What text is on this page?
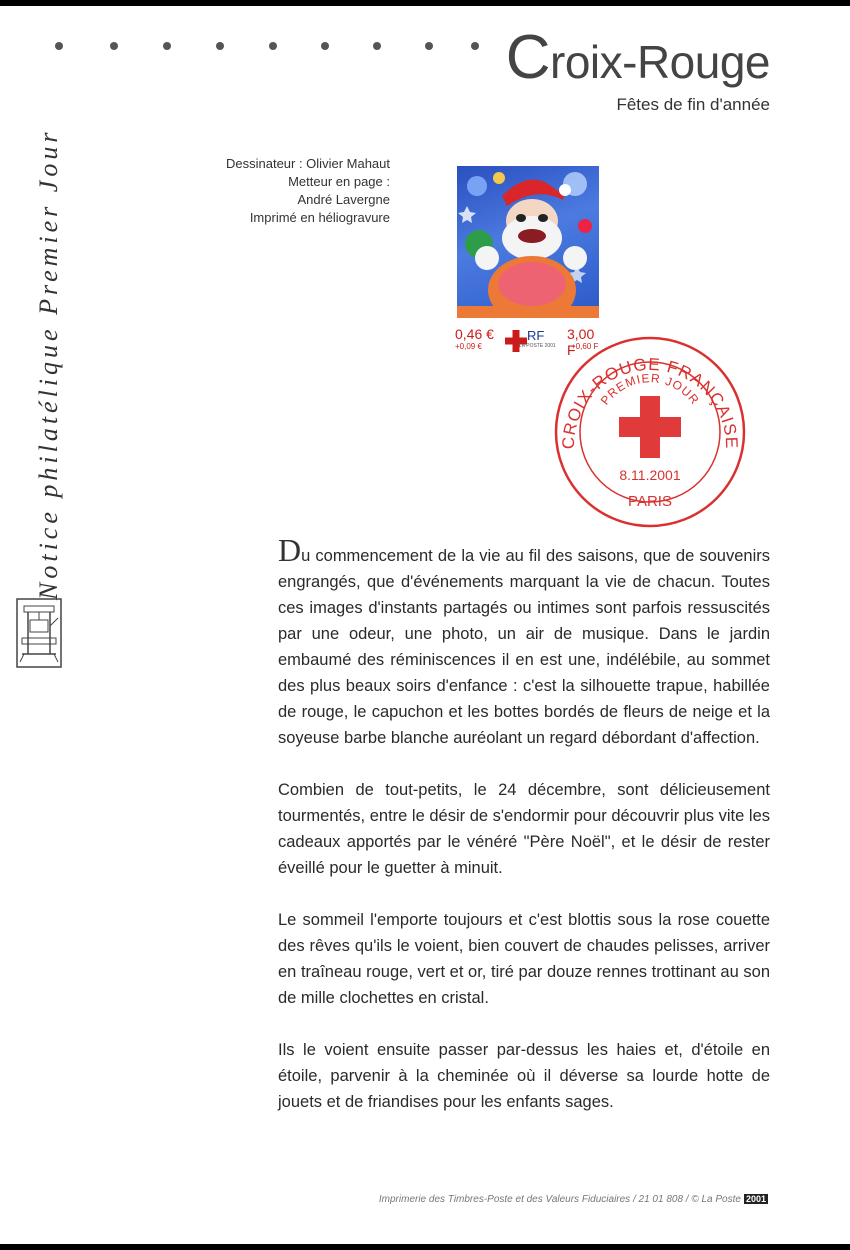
Notice philatélique Premier Jour
Croix-Rouge
Fêtes de fin d'année
Dessinateur : Olivier Mahaut
Metteur en page :
André Lavergne
Imprimé en héliogravure
0,46 €
+0,09 €
RF
LA POSTE 2001
3,00 F
+0,60 F
CROIX-ROUGE FRANÇAISE
PREMIER JOUR
8.11.2001
PARIS

Du commencement de la vie au fil des saisons, que de souvenirs engrangés, que d'événements marquant la vie de chacun. Toutes ces images d'instants partagés ou intimes sont parfois ressuscités par une odeur, une photo, un air de musique. Dans le jardin embaumé des réminiscences il en est une, indélébile, au sommet des plus beaux soirs d'enfance : c'est la silhouette trapue, habillée de rouge, le capuchon et les bottes bordés de fleurs de neige et la soyeuse barbe blanche auréolant un regard débordant d'affection.

Combien de tout-petits, le 24 décembre, sont délicieusement tourmentés, entre le désir de s'endormir pour découvrir plus vite les cadeaux apportés par le vénéré "Père Noël", et le désir de rester éveillé pour le guetter à minuit.

Le sommeil l'emporte toujours et c'est blottis sous la rose couette des rêves qu'ils le voient, bien couvert de chaudes pelisses, arriver en traîneau rouge, vert et or, tiré par douze rennes trottinant au son de mille clochettes en cristal.

Ils le voient ensuite passer par-dessus les haies et, d'étoile en étoile, parvenir à la cheminée où il déverse sa lourde hotte de jouets et de friandises pour les enfants sages.

Imprimerie des Timbres-Poste et des Valeurs Fiduciaires / 21 01 808 / © La Poste 2001
